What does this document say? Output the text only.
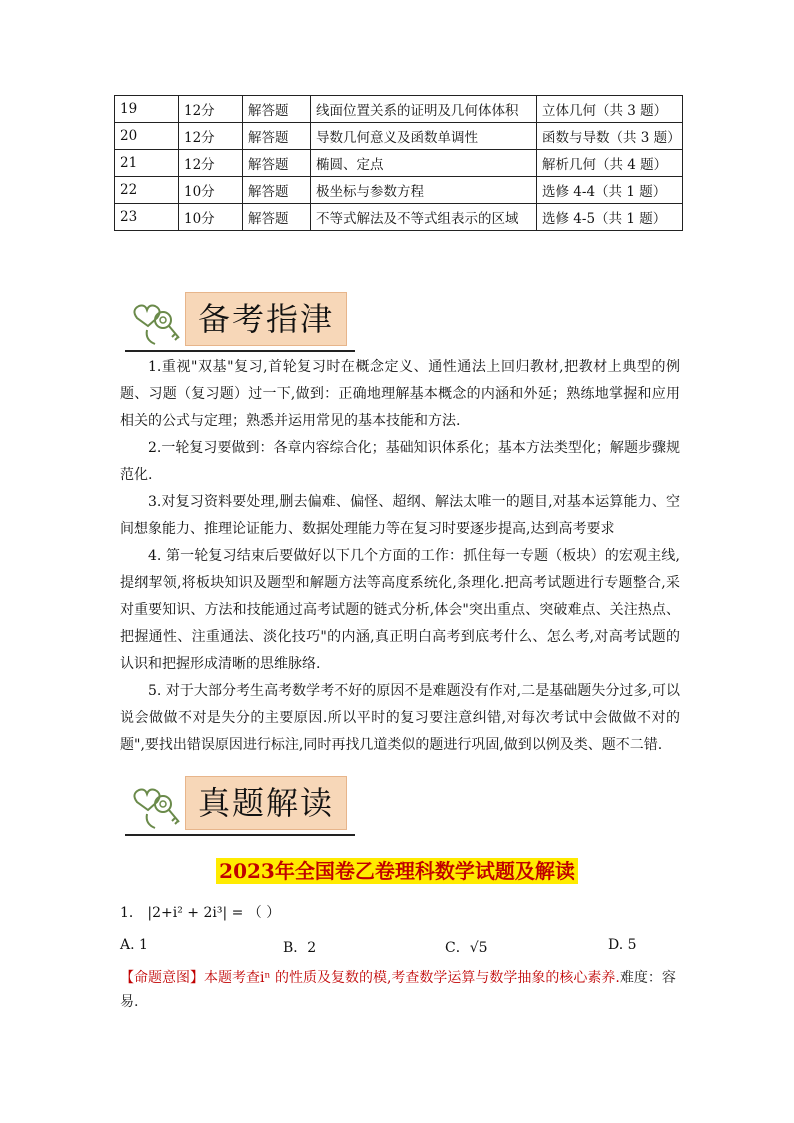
19	12分	解答题	线面位置关系的证明及几何体体积	立体几何（共 3 题）
20	12分	解答题	导数几何意义及函数单调性	函数与导数（共 3 题）
21	12分	解答题	椭圆、定点	解析几何（共 4 题）
22	10分	解答题	极坐标与参数方程	选修 4-4（共 1 题）
23	10分	解答题	不等式解法及不等式组表示的区域	选修 4-5（共 1 题）
备考指津

1.重视"双基"复习,首轮复习时在概念定义、通性通法上回归教材,把教材上典型的例题、习题（复习题）过一下,做到：正确地理解基本概念的内涵和外延；熟练地掌握和应用相关的公式与定理；熟悉并运用常见的基本技能和方法.

2.一轮复习要做到：各章内容综合化；基础知识体系化；基本方法类型化；解题步骤规范化.

3.对复习资料要处理,删去偏难、偏怪、超纲、解法太唯一的题目,对基本运算能力、空间想象能力、推理论证能力、数据处理能力等在复习时要逐步提高,达到高考要求

4. 第一轮复习结束后要做好以下几个方面的工作：抓住每一专题（板块）的宏观主线,提纲挈领,将板块知识及题型和解题方法等高度系统化,条理化.把高考试题进行专题整合,采对重要知识、方法和技能通过高考试题的链式分析,体会"突出重点、突破难点、关注热点、把握通性、注重通法、淡化技巧"的内涵,真正明白高考到底考什么、怎么考,对高考试题的认识和把握形成清晰的思维脉络.

5. 对于大部分考生高考数学考不好的原因不是难题没有作对,二是基础题失分过多,可以说会做做不对是失分的主要原因.所以平时的复习要注意纠错,对每次考试中会做做不对的题",要找出错误原因进行标注,同时再找几道类似的题进行巩固,做到以例及类、题不二错.

真题解读
2023年全国卷乙卷理科数学试题及解读
1． |2+i² + 2i³| = （ ）
A. 1	B．2	C．√5	D. 5
【命题意图】本题考查iⁿ 的性质及复数的模,考查数学运算与数学抽象的核心素养.难度：容易.
